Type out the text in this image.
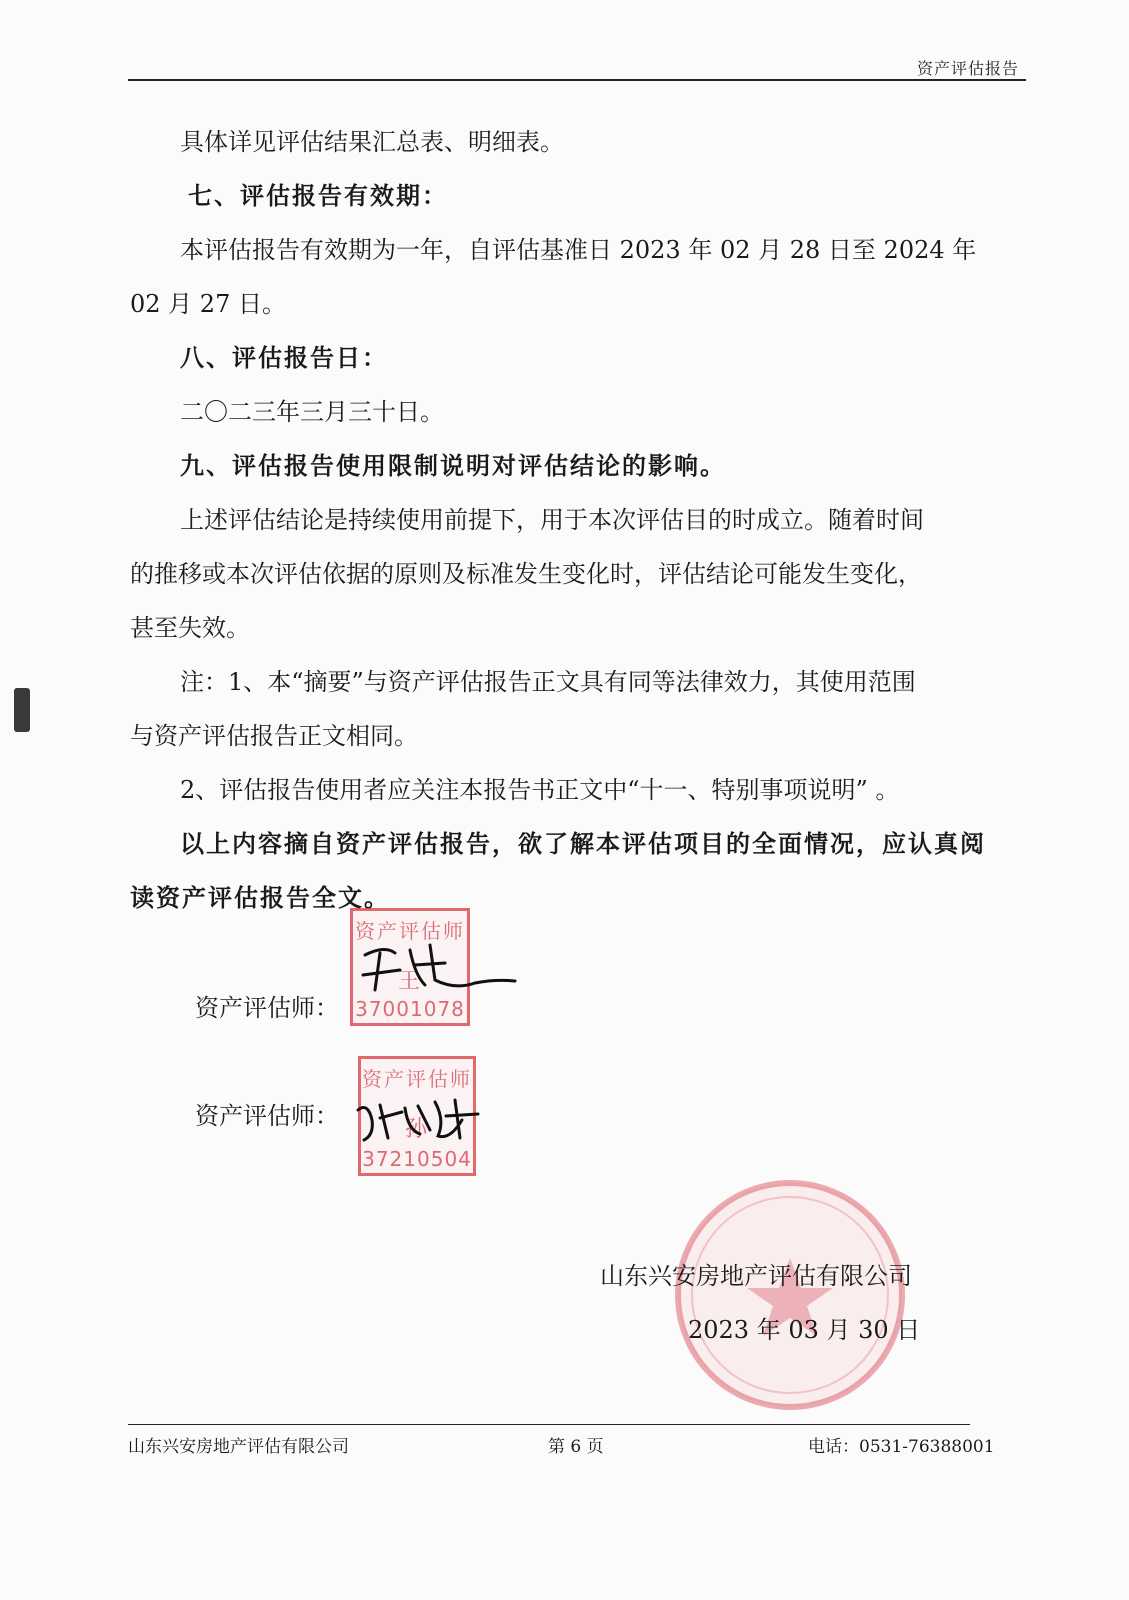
资产评估报告
具体详见评估结果汇总表、明细表。
七、评估报告有效期：
本评估报告有效期为一年，自评估基准日 2023 年 02 月 28 日至 2024 年
02 月 27 日。
八、评估报告日：
二〇二三年三月三十日。
九、评估报告使用限制说明对评估结论的影响。
上述评估结论是持续使用前提下，用于本次评估目的时成立。随着时间
的推移或本次评估依据的原则及标准发生变化时，评估结论可能发生变化，
甚至失效。
注：1、本“摘要”与资产评估报告正文具有同等法律效力，其使用范围
与资产评估报告正文相同。
2、评估报告使用者应关注本报告书正文中“十一、特别事项说明” 。
以上内容摘自资产评估报告，欲了解本评估项目的全面情况，应认真阅
读资产评估报告全文。
资产评估师
王
37001078
资产评估师：
资产评估师
孙
37210504
资产评估师：
山东兴安房地产评估有限公司
2023 年 03 月 30 日
山东兴安房地产评估有限公司	第 6 页	电话：0531-76388001
